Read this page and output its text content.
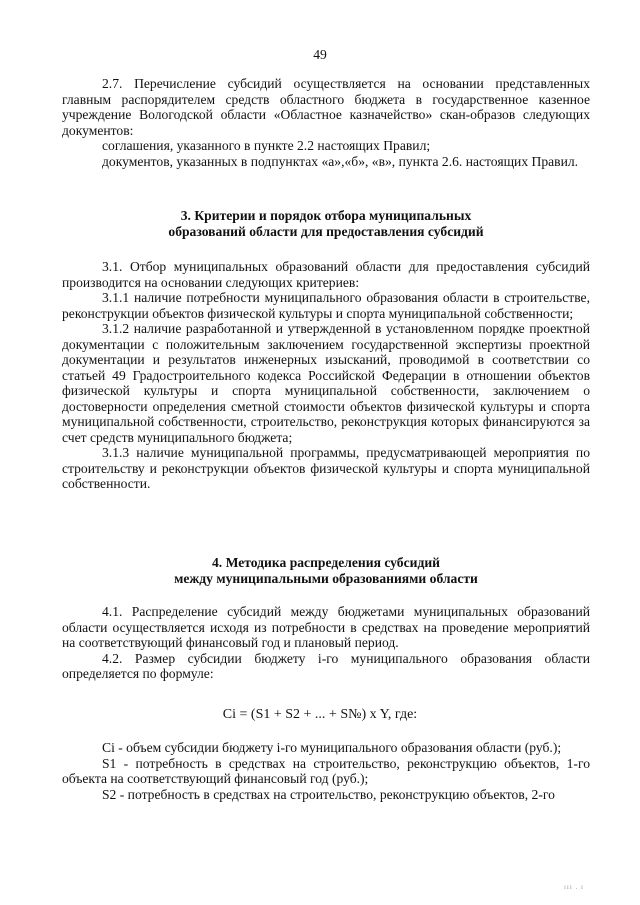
49

2.7. Перечисление субсидий осуществляется на основании представленных главным распорядителем средств областного бюджета в государственное казенное учреждение Вологодской области «Областное казначейство» скан-образов следующих документов:

соглашения, указанного в пункте 2.2 настоящих Правил;

документов, указанных в подпунктах «а»,«б», «в», пункта 2.6. настоящих Правил.

3. Критерии и порядок отбора муниципальных

образований области для предоставления субсидий

3.1. Отбор муниципальных образований области для предоставления субсидий производится на основании следующих критериев:

3.1.1 наличие потребности муниципального образования области в строительстве, реконструкции объектов физической культуры и спорта муниципальной собственности;

3.1.2 наличие разработанной и утвержденной в установленном порядке проектной документации с положительным заключением государственной экспертизы проектной документации и результатов инженерных изысканий, проводимой в соответствии со статьей 49 Градостроительного кодекса Российской Федерации в отношении объектов физической культуры и спорта муниципальной собственности, заключением о достоверности определения сметной стоимости объектов физической культуры и спорта муниципальной собственности, строительство, реконструкция которых финансируются за счет средств муниципального бюджета;

3.1.3 наличие муниципальной программы, предусматривающей мероприятия по строительству и реконструкции объектов физической культуры и спорта муниципальной собственности.

4. Методика распределения субсидий

между муниципальными образованиями области

4.1. Распределение субсидий между бюджетами муниципальных образований области осуществляется исходя из потребности в средствах на проведение мероприятий на соответствующий финансовый год и плановый период.

4.2. Размер субсидии бюджету i-го муниципального образования области определяется по формуле:

Ci = (S1 + S2 + ... + S№) x Y, где:

Ci - объем субсидии бюджету i-го муниципального образования области (руб.);

S1 - потребность в средствах на строительство, реконструкцию объектов, 1-го объекта на соответствующий финансовый год (руб.);

S2 - потребность в средствах на строительство, реконструкцию объектов, 2-го

ııı . ı
